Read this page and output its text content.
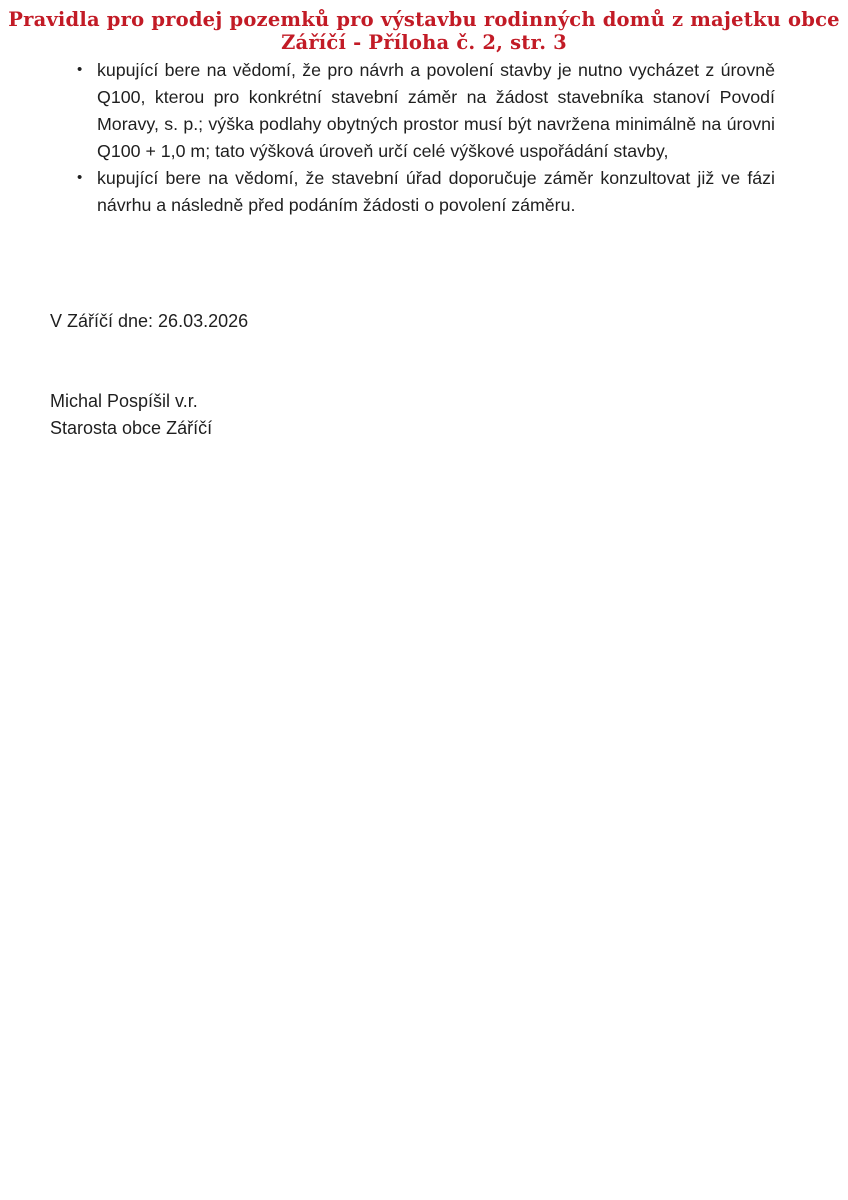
Pravidla pro prodej pozemků pro výstavbu rodinných domů z majetku obce
Záříčí - Příloha č. 2, str. 3
• kupující bere na vědomí, že pro návrh a povolení stavby je nutno vycházet z úrovně Q100, kterou pro konkrétní stavební záměr na žádost stavebníka stanoví Povodí Moravy, s. p.; výška podlahy obytných prostor musí být navržena minimálně na úrovni Q100 + 1,0 m; tato výšková úroveň určí celé výškové uspořádání stavby,
• kupující bere na vědomí, že stavební úřad doporučuje záměr konzultovat již ve fázi návrhu a následně před podáním žádosti o povolení záměru.

V Záříčí dne: 26.03.2026

Michal Pospíšil v.r.
Starosta obce Záříčí
